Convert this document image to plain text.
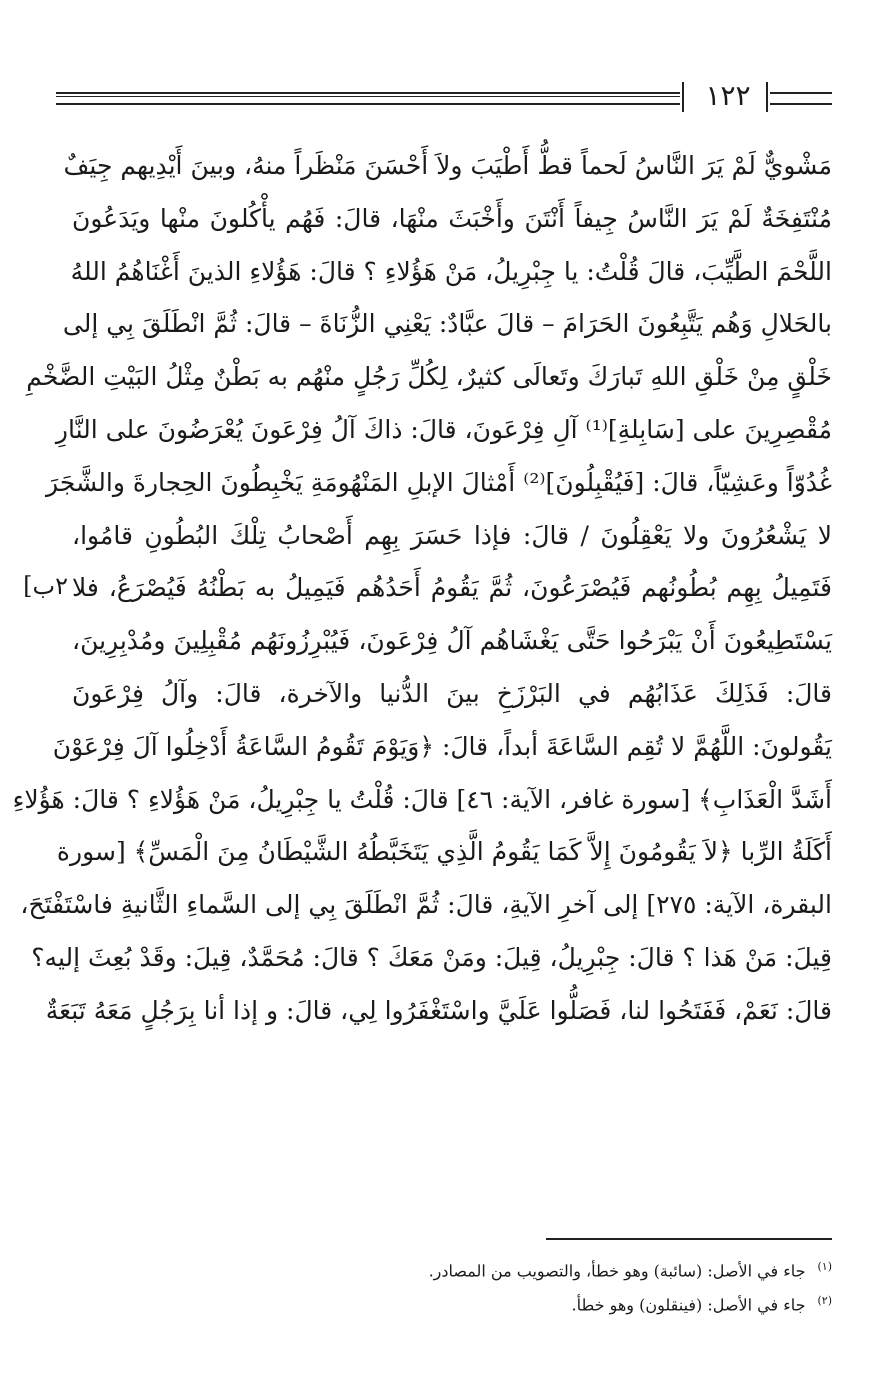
١٢٢
٢ب]
مَشْويٌّ لَمْ يَرَ النَّاسُ لَحماً قطُّ أَطْيَبَ ولاَ أَحْسَنَ مَنْظَراً منهُ، وبينَ أَيْدِيهم جِيَفٌ
مُنْتَفِخَةٌ لَمْ يَرَ النَّاسُ جِيفاً أَنْتَنَ وأَخْبَثَ منْهَا، قالَ: فَهُم يأْكُلونَ منْها ويَدَعُونَ
اللَّحْمَ الطَّيِّبَ، قالَ قُلْتُ: يا جِبْرِيلُ، مَنْ هَؤُلاءِ ؟ قالَ: هَؤُلاءِ الذينَ أَغْنَاهُمُ اللهُ
بالحَلالِ وَهُم يَتَّبِعُونَ الحَرَامَ – قالَ عبَّادٌ: يَعْنِي الزُّنَاةَ – قالَ: ثُمَّ انْطَلَقَ بِي إلى
خَلْقٍ مِنْ خَلْقِ اللهِ تَبارَكَ وتَعالَى كثيرٌ، لِكُلِّ رَجُلٍ منْهُم به بَطْنٌ مِثْلُ البَيْتِ الضَّخْمِ
مُقْصِرِينَ على [سَابِلةِ]⁽¹⁾ آلِ فِرْعَونَ، قالَ: ذاكَ آلُ فِرْعَونَ يُعْرَضُونَ على النَّارِ
غُدُوّاً وعَشِيّاً، قالَ: [فَيُقْبِلُونَ]⁽²⁾ أَمْثالَ الإبلِ المَنْهُومَةِ يَخْبِطُونَ الحِجارةَ والشَّجَرَ
لا يَشْعُرُونَ ولا يَعْقِلُونَ / قالَ: فإذا حَسَرَ بِهِم أَصْحابُ تِلْكَ البُطُونِ قامُوا،
فَتَمِيلُ بِهِم بُطُونُهم فَيُصْرَعُونَ، ثُمَّ يَقُومُ أَحَدُهُم فَيَمِيلُ به بَطْنُهُ فَيُصْرَعُ، فلا
يَسْتَطِيعُونَ أَنْ يَبْرَحُوا حَتَّى يَغْشَاهُم آلُ فِرْعَونَ، فَيُبْرِزُونَهُم مُقْبِلِينَ ومُدْبِرِينَ،
قالَ: فَذَلِكَ عَذَابُهُم في البَرْزَخِ بينَ الدُّنيا والآخرة، قالَ: وآلُ فِرْعَونَ
يَقُولونَ: اللَّهُمَّ لا تُقِم السَّاعَةَ أبداً، قالَ: ﴿وَيَوْمَ تَقُومُ السَّاعَةُ أَدْخِلُوا آلَ فِرْعَوْنَ
أَشَدَّ الْعَذَابِ﴾ [سورة غافر، الآية: ٤٦] قالَ: قُلْتُ يا جِبْرِيلُ، مَنْ هَؤُلاءِ ؟ قالَ: هَؤُلاءِ
أَكَلَةُ الرِّبا ﴿لاَ يَقُومُونَ إِلاَّ كَمَا يَقُومُ الَّذِي يَتَخَبَّطُهُ الشَّيْطَانُ مِنَ الْمَسِّ﴾ [سورة
البقرة، الآية: ٢٧٥] إلى آخرِ الآيةِ، قالَ: ثُمَّ انْطَلَقَ بِي إلى السَّماءِ الثَّانيةِ فاسْتَفْتَحَ،
قِيلَ: مَنْ هَذا ؟ قالَ: جِبْرِيلُ، قِيلَ: ومَنْ مَعَكَ ؟ قالَ: مُحَمَّدٌ، قِيلَ: وقَدْ بُعِثَ إليه؟
قالَ: نَعَمْ، فَفَتَحُوا لنا، فَصَلُّوا عَلَيَّ واسْتَغْفَرُوا لِي، قالَ: و إذا أنا بِرَجُلٍ مَعَهُ تَبَعَةٌ
$^{(١)}$جاء في الأصل: (سائبة) وهو خطأ، والتصويب من المصادر.
$^{(٢)}$جاء في الأصل: (فينقلون) وهو خطأ.
